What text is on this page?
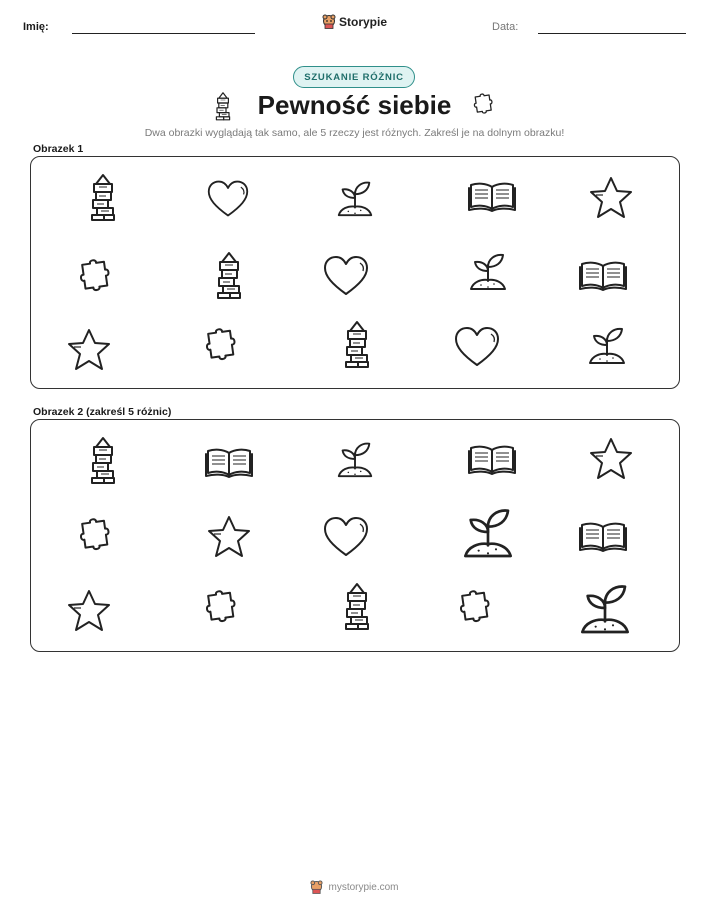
Imię:	Storypie	Data:
SZUKANIE RÓŻNIC
Pewność siebie
Dwa obrazki wyglądają tak samo, ale 5 rzeczy jest różnych. Zakreśl je na dolnym obrazku!
Obrazek 1
Obrazek 2 (zakreśl 5 różnic)
mystorypie.com
